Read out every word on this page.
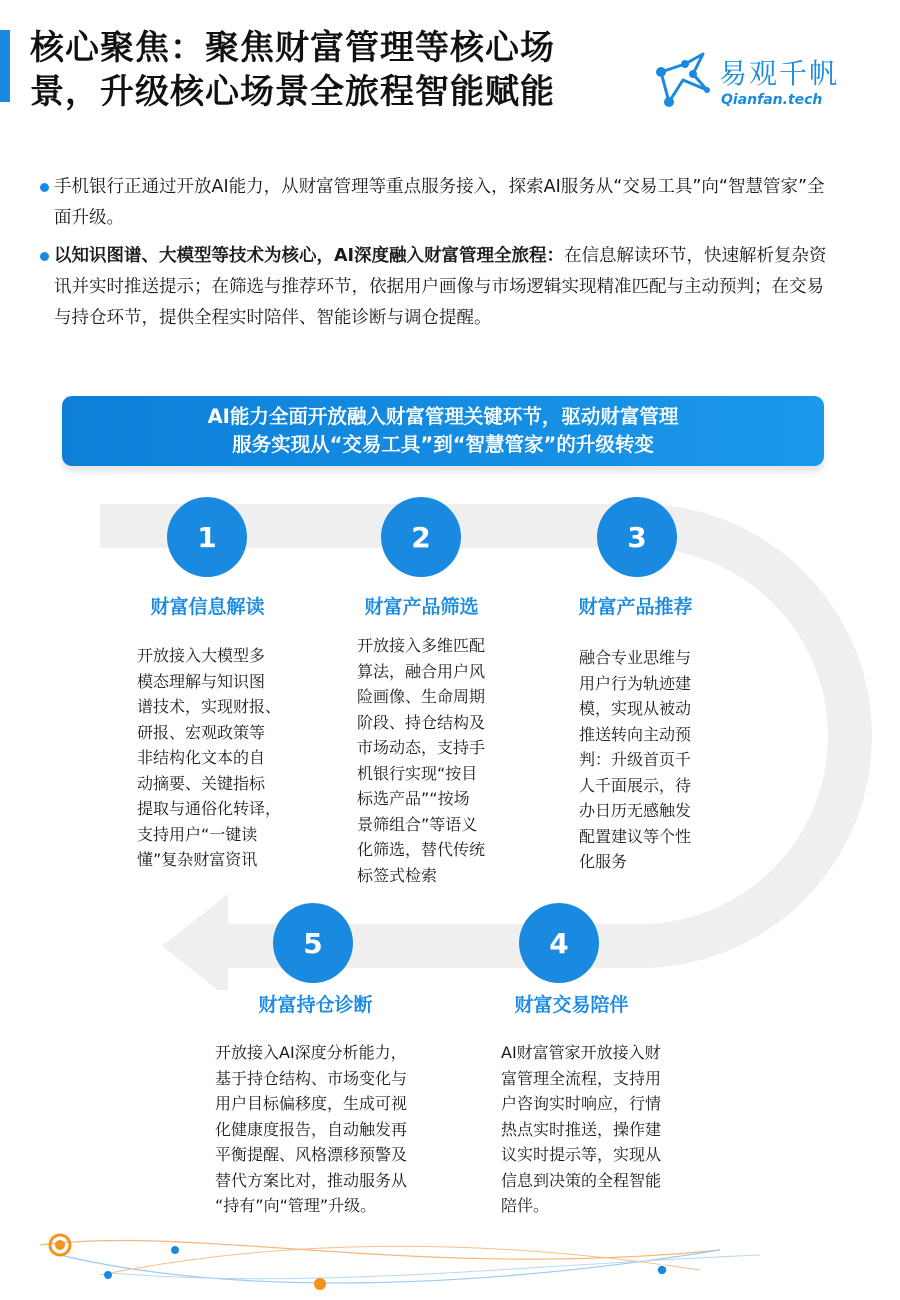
核心聚焦：聚焦财富管理等核心场
景，升级核心场景全旅程智能赋能	易观千帆
Qianfan.tech
手机银行正通过开放AI能力，从财富管理等重点服务接入，探索AI服务从“交易工具”向“智慧管家”全面升级。
以知识图谱、大模型等技术为核心，AI深度融入财富管理全旅程：在信息解读环节，快速解析复杂资讯并实时推送提示；在筛选与推荐环节，依据用户画像与市场逻辑实现精准匹配与主动预判；在交易与持仓环节，提供全程实时陪伴、智能诊断与调仓提醒。
AI能力全面开放融入财富管理关键环节，驱动财富管理
服务实现从“交易工具”到“智慧管家”的升级转变
1	2	3
4
5
财富信息解读	财富产品筛选	财富产品推荐
财富交易陪伴
财富持仓诊断
开放接入大模型多
模态理解与知识图
谱技术，实现财报、
研报、宏观政策等
非结构化文本的自
动摘要、关键指标
提取与通俗化转译，
支持用户“一键读
懂”复杂财富资讯
开放接入多维匹配
算法，融合用户风
险画像、生命周期
阶段、持仓结构及
市场动态，支持手
机银行实现“按目
标选产品”“按场
景筛组合”等语义
化筛选，替代传统
标签式检索
融合专业思维与
用户行为轨迹建
模，实现从被动
推送转向主动预
判：升级首页千
人千面展示，待
办日历无感触发
配置建议等个性
化服务
AI财富管家开放接入财
富管理全流程，支持用
户咨询实时响应，行情
热点实时推送，操作建
议实时提示等，实现从
信息到决策的全程智能
陪伴。
开放接入AI深度分析能力，
基于持仓结构、市场变化与
用户目标偏移度，生成可视
化健康度报告，自动触发再
平衡提醒、风格漂移预警及
替代方案比对，推动服务从
“持有”向“管理”升级。
